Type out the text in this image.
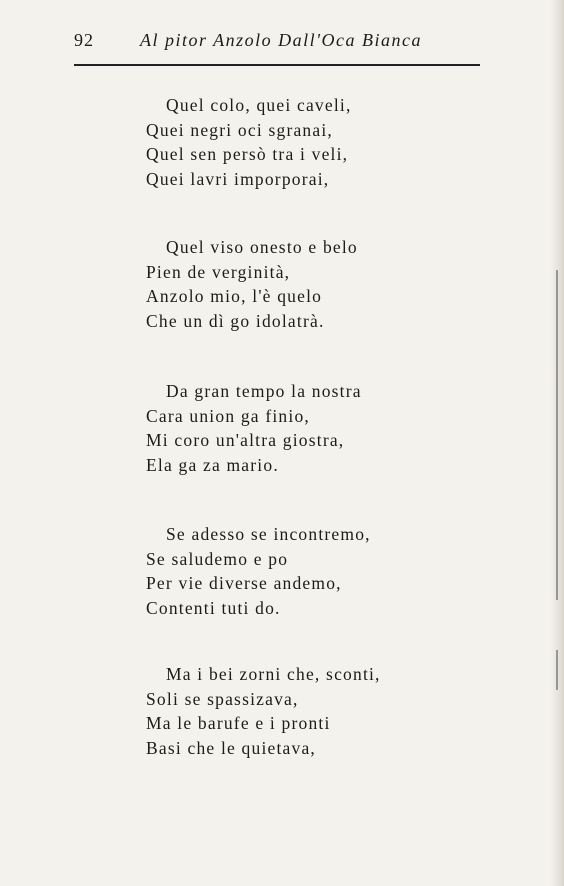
92	Al pitor Anzolo Dall'Oca Bianca
Quel colo, quei caveli,
Quei negri oci sgranai,
Quel sen persò tra i veli,
Quei lavri imporporai,
Quel viso onesto e belo
Pien de verginità,
Anzolo mio, l'è quelo
Che un dì go idolatrà.
Da gran tempo la nostra
Cara union ga finio,
Mi coro un'altra giostra,
Ela ga za mario.
Se adesso se incontremo,
Se saludemo e po
Per vie diverse andemo,
Contenti tuti do.
Ma i bei zorni che, sconti,
Soli se spassizava,
Ma le barufe e i pronti
Basi che le quietava,
